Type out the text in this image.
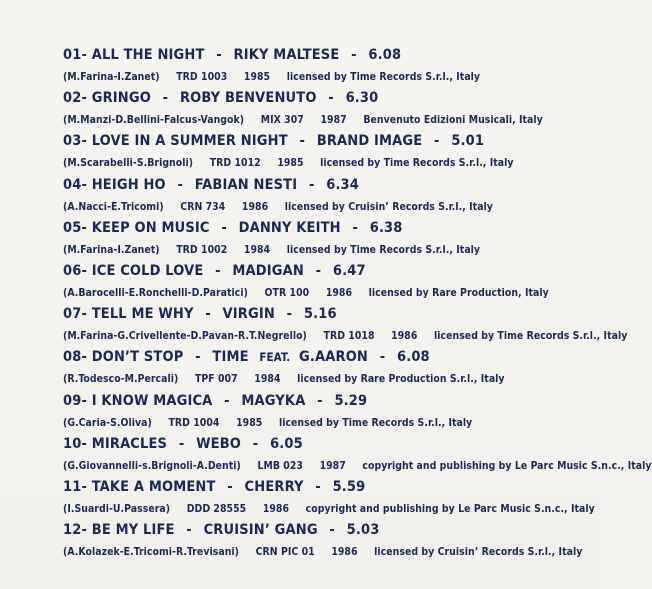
01- ALL THE NIGHT - RIKY MALTESE - 6.08
(M.Farina-I.Zanet) TRD 1003 1985 licensed by Time Records S.r.l., Italy
02- GRINGO - ROBY BENVENUTO - 6.30
(M.Manzi-D.Bellini-Falcus-Vangok) MIX 307 1987 Benvenuto Edizioni Musicali, Italy
03- LOVE IN A SUMMER NIGHT - BRAND IMAGE - 5.01
(M.Scarabelli-S.Brignoli) TRD 1012 1985 licensed by Time Records S.r.l., Italy
04- HEIGH HO - FABIAN NESTI - 6.34
(A.Nacci-E.Tricomi) CRN 734 1986 licensed by Cruisin’ Records S.r.l., Italy
05- KEEP ON MUSIC - DANNY KEITH - 6.38
(M.Farina-I.Zanet) TRD 1002 1984 licensed by Time Records S.r.l., Italy
06- ICE COLD LOVE - MADIGAN - 6.47
(A.Barocelli-E.Ronchelli-D.Paratici) OTR 100 1986 licensed by Rare Production, Italy
07- TELL ME WHY - VIRGIN - 5.16
(M.Farina-G.Crivellente-D.Pavan-R.T.Negrello) TRD 1018 1986 licensed by Time Records S.r.l., Italy
08- DON’T STOP - TIME FEAT. G.AARON - 6.08
(R.Todesco-M.Percali) TPF 007 1984 licensed by Rare Production S.r.l., Italy
09- I KNOW MAGICA - MAGYKA - 5.29
(G.Caria-S.Oliva) TRD 1004 1985 licensed by Time Records S.r.l., Italy
10- MIRACLES - WEBO - 6.05
(G.Giovannelli-s.Brignoli-A.Denti) LMB 023 1987 copyright and publishing by Le Parc Music S.n.c., Italy
11- TAKE A MOMENT - CHERRY - 5.59
(I.Suardi-U.Passera) DDD 28555 1986 copyright and publishing by Le Parc Music S.n.c., Italy
12- BE MY LIFE - CRUISIN’ GANG - 5.03
(A.Kolazek-E.Tricomi-R.Trevisani) CRN PIC 01 1986 licensed by Cruisin’ Records S.r.l., Italy
